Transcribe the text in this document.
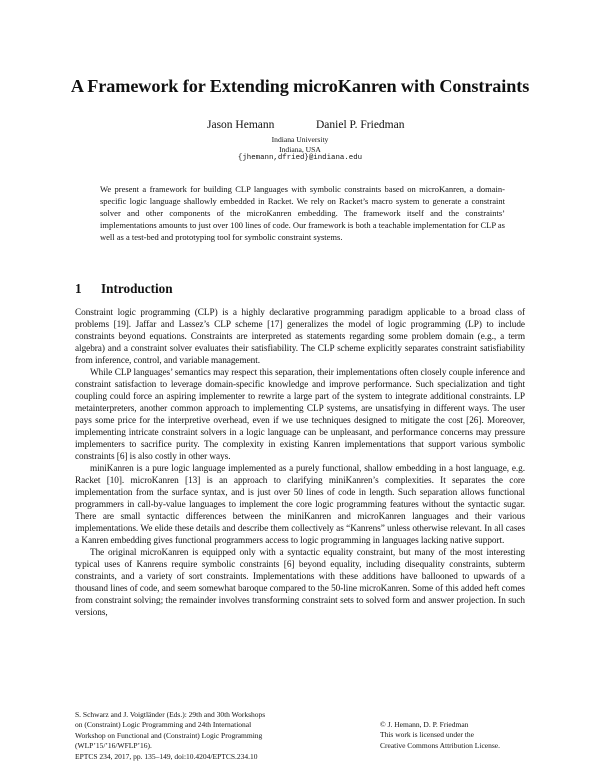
A Framework for Extending microKanren with Constraints
Jason Hemann	Daniel P. Friedman
Indiana University
Indiana, USA
{jhemann,dfried}@indiana.edu
We present a framework for building CLP languages with symbolic constraints based on microKanren, a domain-specific logic language shallowly embedded in Racket. We rely on Racket’s macro system to generate a constraint solver and other components of the microKanren embedding. The framework itself and the constraints’ implementations amounts to just over 100 lines of code. Our framework is both a teachable implementation for CLP as well as a test-bed and prototyping tool for symbolic constraint systems.
1 Introduction

Constraint logic programming (CLP) is a highly declarative programming paradigm applicable to a broad class of problems [19]. Jaffar and Lassez’s CLP scheme [17] generalizes the model of logic programming (LP) to include constraints beyond equations. Constraints are interpreted as statements regarding some problem domain (e.g., a term algebra) and a constraint solver evaluates their satisfiability. The CLP scheme explicitly separates constraint satisfiability from inference, control, and variable management.

While CLP languages’ semantics may respect this separation, their implementations often closely couple inference and constraint satisfaction to leverage domain-specific knowledge and improve performance. Such specialization and tight coupling could force an aspiring implementer to rewrite a large part of the system to integrate additional constraints. LP metainterpreters, another common approach to implementing CLP systems, are unsatisfying in different ways. The user pays some price for the interpretive overhead, even if we use techniques designed to mitigate the cost [26]. Moreover, implementing intricate constraint solvers in a logic language can be unpleasant, and performance concerns may pressure implementers to sacrifice purity. The complexity in existing Kanren implementations that support various symbolic constraints [6] is also costly in other ways.

miniKanren is a pure logic language implemented as a purely functional, shallow embedding in a host language, e.g. Racket [10]. microKanren [13] is an approach to clarifying miniKanren’s complexities. It separates the core implementation from the surface syntax, and is just over 50 lines of code in length. Such separation allows functional programmers in call-by-value languages to implement the core logic programming features without the syntactic sugar. There are small syntactic differences between the miniKanren and microKanren languages and their various implementations. We elide these details and describe them collectively as “Kanrens” unless otherwise relevant. In all cases a Kanren embedding gives functional programmers access to logic programming in languages lacking native support.

The original microKanren is equipped only with a syntactic equality constraint, but many of the most interesting typical uses of Kanrens require symbolic constraints [6] beyond equality, including disequality constraints, subterm constraints, and a variety of sort constraints. Implementations with these additions have ballooned to upwards of a thousand lines of code, and seem somewhat baroque compared to the 50-line microKanren. Some of this added heft comes from constraint solving; the remainder involves transforming constraint sets to solved form and answer projection. In such versions,

S. Schwarz and J. Voigtländer (Eds.): 29th and 30th Workshops
on (Constraint) Logic Programming and 24th International
Workshop on Functional and (Constraint) Logic Programming
(WLP’15/’16/WFLP’16).
EPTCS 234, 2017, pp. 135–149, doi:10.4204/EPTCS.234.10
© J. Hemann, D. P. Friedman
This work is licensed under the
Creative Commons Attribution License.
